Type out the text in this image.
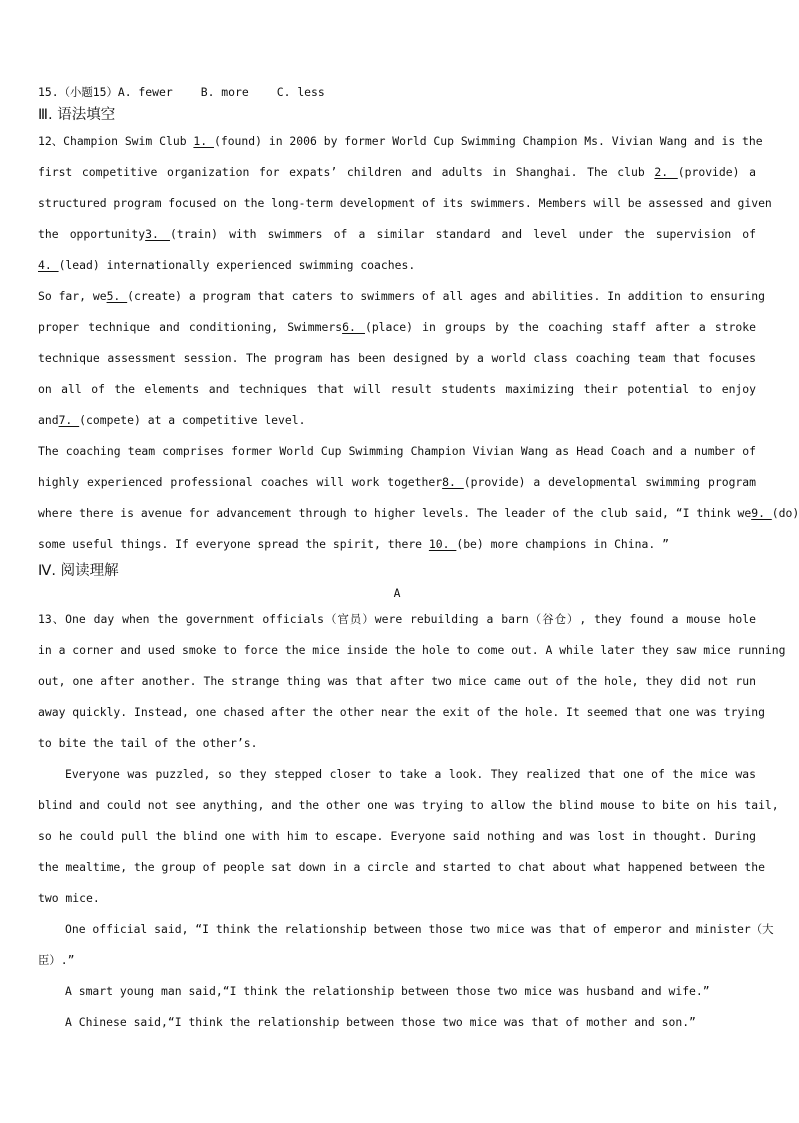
15.（小题15）A. fewer B. more C. less
Ⅲ. 语法填空
12、Champion Swim Club 1. (found) in 2006 by former World Cup Swimming Champion Ms. Vivian Wang and is the
first competitive organization for expats’ children and adults in Shanghai. The club 2. (provide) a
structured program focused on the long-term development of its swimmers. Members will be assessed and given
the opportunity3. (train) with swimmers of a similar standard and level under the supervision of
4. (lead) internationally experienced swimming coaches.
So far, we5. (create) a program that caters to swimmers of all ages and abilities. In addition to ensuring
proper technique and conditioning, Swimmers6. (place) in groups by the coaching staff after a stroke
technique assessment session. The program has been designed by a world class coaching team that focuses
on all of the elements and techniques that will result students maximizing their potential to enjoy
and7. (compete) at a competitive level.
The coaching team comprises former World Cup Swimming Champion Vivian Wang as Head Coach and a number of
highly experienced professional coaches will work together8. (provide) a developmental swimming program
where there is avenue for advancement through to higher levels. The leader of the club said, “I think we9. (do)
some useful things. If everyone spread the spirit, there 10. (be) more champions in China. ”
Ⅳ. 阅读理解
A
13、One day when the government officials（官员）were rebuilding a barn（谷仓）, they found a mouse hole
in a corner and used smoke to force the mice inside the hole to come out. A while later they saw mice running
out, one after another. The strange thing was that after two mice came out of the hole, they did not run
away quickly. Instead, one chased after the other near the exit of the hole. It seemed that one was trying
to bite the tail of the other’s.
Everyone was puzzled, so they stepped closer to take a look. They realized that one of the mice was
blind and could not see anything, and the other one was trying to allow the blind mouse to bite on his tail,
so he could pull the blind one with him to escape. Everyone said nothing and was lost in thought. During
the mealtime, the group of people sat down in a circle and started to chat about what happened between the
two mice.
One official said, “I think the relationship between those two mice was that of emperor and minister（大
臣）.”
A smart young man said,“I think the relationship between those two mice was husband and wife.”
A Chinese said,“I think the relationship between those two mice was that of mother and son.”
